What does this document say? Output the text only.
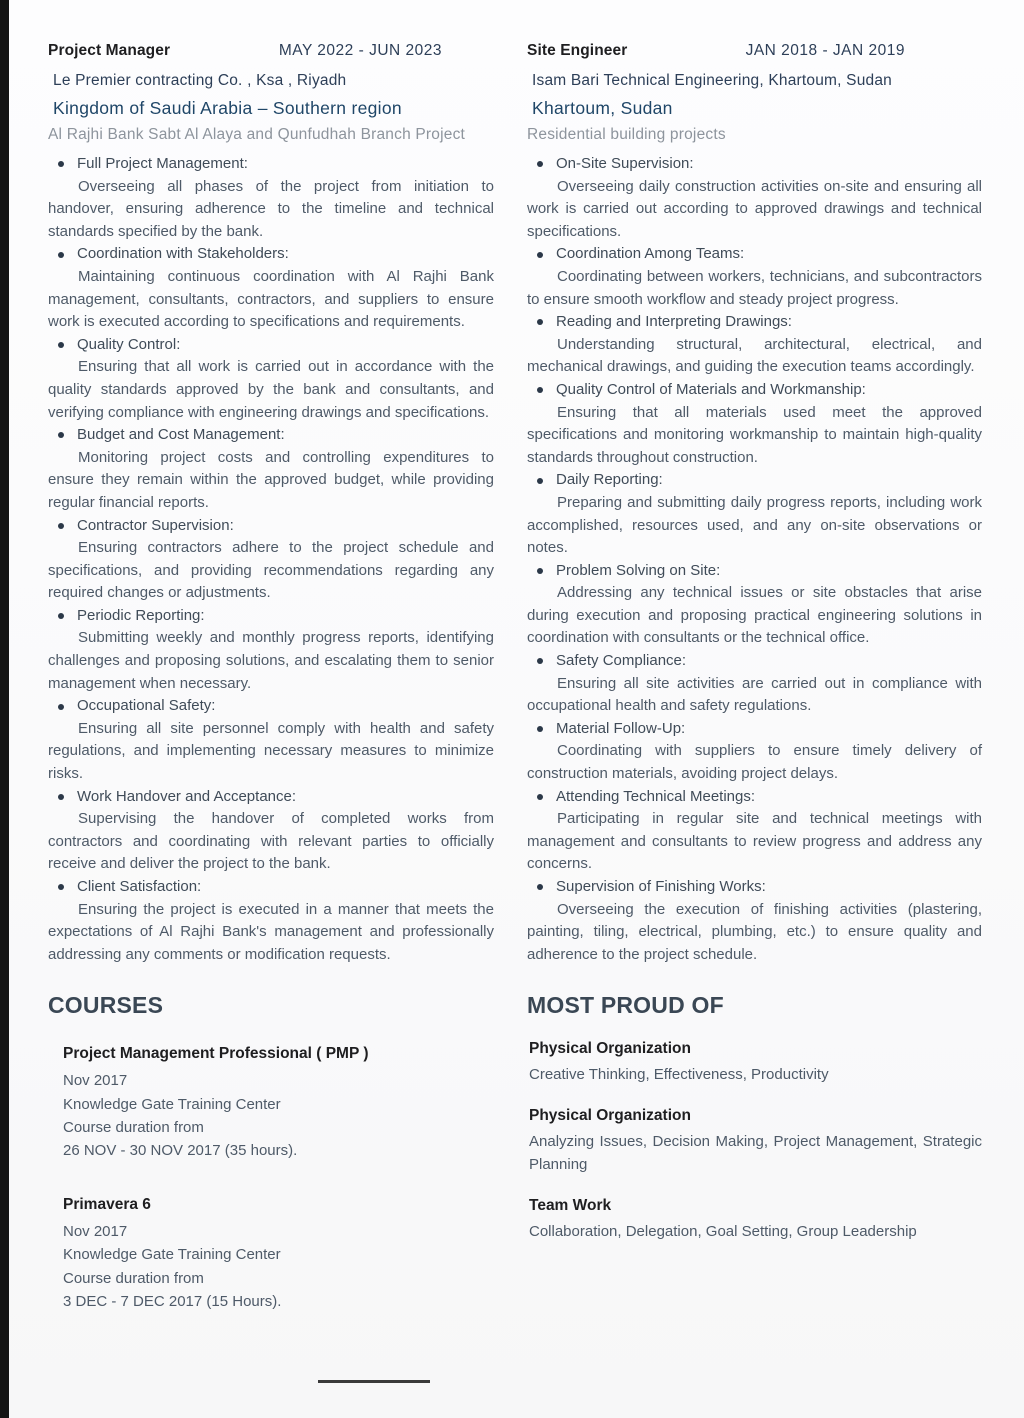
Project Manager	MAY 2022 - JUN 2023
Le Premier contracting Co. , Ksa , Riyadh
Kingdom of Saudi Arabia – Southern region
Al Rajhi Bank Sabt Al Alaya and Qunfudhah Branch Project
Full Project Management:

Overseeing all phases of the project from initiation to handover, ensuring adherence to the timeline and technical standards specified by the bank.

Coordination with Stakeholders:

Maintaining continuous coordination with Al Rajhi Bank management, consultants, contractors, and suppliers to ensure work is executed according to specifications and requirements.

Quality Control:

Ensuring that all work is carried out in accordance with the quality standards approved by the bank and consultants, and verifying compliance with engineering drawings and specifications.

Budget and Cost Management:

Monitoring project costs and controlling expenditures to ensure they remain within the approved budget, while providing regular financial reports.

Contractor Supervision:

Ensuring contractors adhere to the project schedule and specifications, and providing recommendations regarding any required changes or adjustments.

Periodic Reporting:

Submitting weekly and monthly progress reports, identifying challenges and proposing solutions, and escalating them to senior management when necessary.

Occupational Safety:

Ensuring all site personnel comply with health and safety regulations, and implementing necessary measures to minimize risks.

Work Handover and Acceptance:

Supervising the handover of completed works from contractors and coordinating with relevant parties to officially receive and deliver the project to the bank.

Client Satisfaction:

Ensuring the project is executed in a manner that meets the expectations of Al Rajhi Bank's management and professionally addressing any comments or modification requests.

Site Engineer	JAN 2018 - JAN 2019
Isam Bari Technical Engineering, Khartoum, Sudan
Khartoum, Sudan
Residential building projects
On-Site Supervision:

Overseeing daily construction activities on-site and ensuring all work is carried out according to approved drawings and technical specifications.

Coordination Among Teams:

Coordinating between workers, technicians, and subcontractors to ensure smooth workflow and steady project progress.

Reading and Interpreting Drawings:

Understanding structural, architectural, electrical, and mechanical drawings, and guiding the execution teams accordingly.

Quality Control of Materials and Workmanship:

Ensuring that all materials used meet the approved specifications and monitoring workmanship to maintain high-quality standards throughout construction.

Daily Reporting:

Preparing and submitting daily progress reports, including work accomplished, resources used, and any on-site observations or notes.

Problem Solving on Site:

Addressing any technical issues or site obstacles that arise during execution and proposing practical engineering solutions in coordination with consultants or the technical office.

Safety Compliance:

Ensuring all site activities are carried out in compliance with occupational health and safety regulations.

Material Follow-Up:

Coordinating with suppliers to ensure timely delivery of construction materials, avoiding project delays.

Attending Technical Meetings:

Participating in regular site and technical meetings with management and consultants to review progress and address any concerns.

Supervision of Finishing Works:

Overseeing the execution of finishing activities (plastering, painting, tiling, electrical, plumbing, etc.) to ensure quality and adherence to the project schedule.

COURSES
Project Management Professional ( PMP )
Nov 2017
Knowledge Gate Training Center
Course duration from
26 NOV - 30 NOV 2017 (35 hours).
Primavera 6
Nov 2017
Knowledge Gate Training Center
Course duration from
3 DEC - 7 DEC 2017 (15 Hours).
MOST PROUD OF
Physical Organization

Creative Thinking, Effectiveness, Productivity

Physical Organization

Analyzing Issues, Decision Making, Project Management, Strategic Planning

Team Work

Collaboration, Delegation, Goal Setting, Group Leadership
